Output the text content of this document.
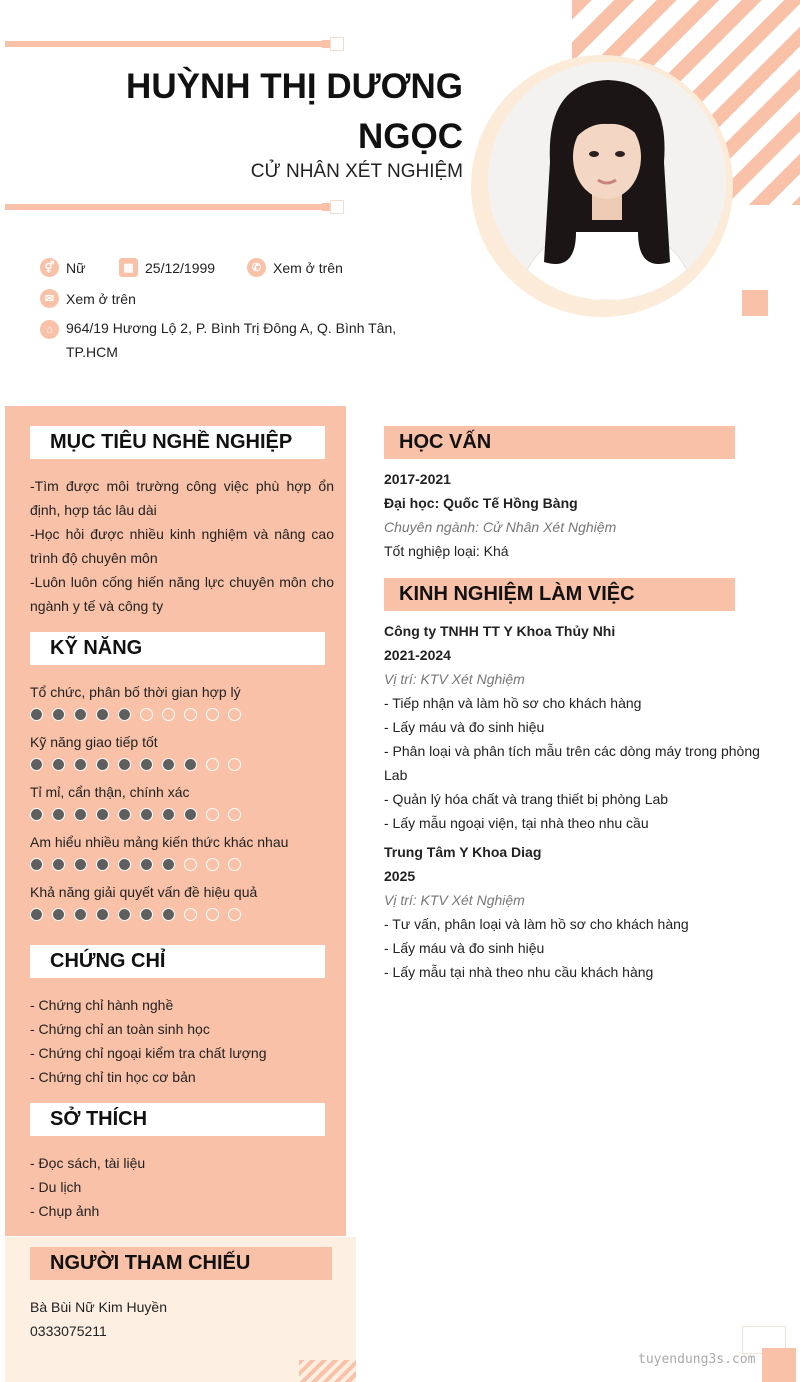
HUỲNH THỊ DƯƠNG
NGỌC
CỬ NHÂN XÉT NGHIỆM
⚥ Nữ	▦ 25/12/1999	✆ Xem ở trên
✉ Xem ở trên
⌂ 964/19 Hương Lộ 2, P. Bình Trị Đông A, Q. Bình Tân, TP.HCM
MỤC TIÊU NGHỀ NGHIỆP
-Tìm được môi trường công việc phù hợp ổn định, hợp tác lâu dài
-Học hỏi được nhiều kinh nghiệm và nâng cao trình độ chuyên môn
-Luôn luôn cống hiến năng lực chuyên môn cho ngành y tế và công ty
KỸ NĂNG
Tổ chức, phân bố thời gian hợp lý
Kỹ năng giao tiếp tốt
Tỉ mỉ, cẩn thận, chính xác
Am hiểu nhiều mảng kiến thức khác nhau
Khả năng giải quyết vấn đề hiệu quả
CHỨNG CHỈ
- Chứng chỉ hành nghề
- Chứng chỉ an toàn sinh học
- Chứng chỉ ngoại kiểm tra chất lượng
- Chứng chỉ tin học cơ bản
SỞ THÍCH
- Đọc sách, tài liệu
- Du lịch
- Chụp ảnh
NGƯỜI THAM CHIẾU
Bà Bùi Nữ Kim Huyền
0333075211
HỌC VẤN
2017-2021
Đại học: Quốc Tế Hồng Bàng
Chuyên ngành: Cử Nhân Xét Nghiệm
Tốt nghiệp loại: Khá
KINH NGHIỆM LÀM VIỆC
Công ty TNHH TT Y Khoa Thủy Nhi
2021-2024
Vị trí: KTV Xét Nghiệm
- Tiếp nhận và làm hồ sơ cho khách hàng
- Lấy máu và đo sinh hiệu
- Phân loại và phân tích mẫu trên các dòng máy trong phòng Lab
- Quản lý hóa chất và trang thiết bị phòng Lab
- Lấy mẫu ngoại viện, tại nhà theo nhu cầu
Trung Tâm Y Khoa Diag
2025
Vị trí: KTV Xét Nghiệm
- Tư vấn, phân loại và làm hồ sơ cho khách hàng
- Lấy máu và đo sinh hiệu
- Lấy mẫu tại nhà theo nhu cầu khách hàng
tuyendung3s.com
